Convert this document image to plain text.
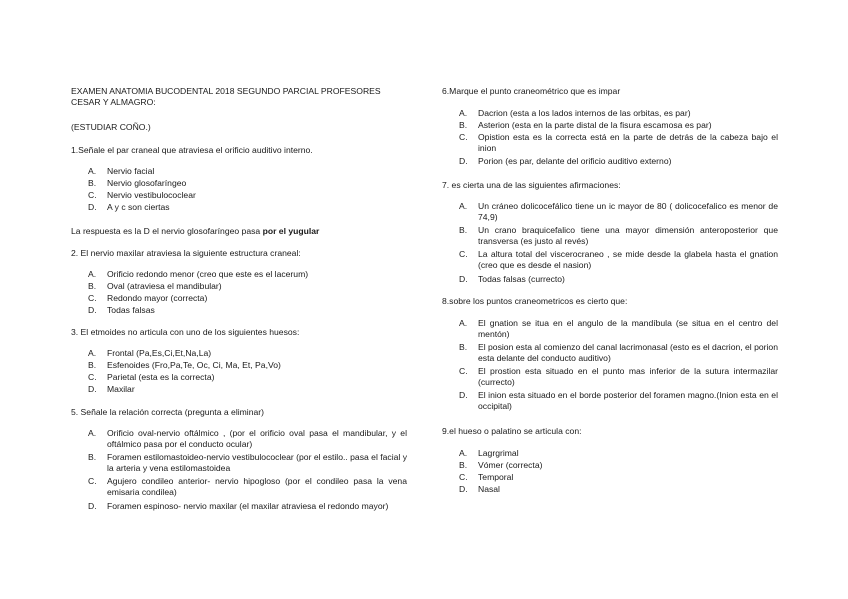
EXAMEN ANATOMIA BUCODENTAL 2018 SEGUNDO PARCIAL PROFESORES CESAR Y ALMAGRO:

(ESTUDIAR COÑO.)

1.Señale el par craneal que atraviesa el orificio auditivo interno.

A.	Nervio facial
B.	Nervio glosofaríngeo
C.	Nervio vestibulococlear
D.	A y c son ciertas

La respuesta es la D el nervio glosofaríngeo pasa por el yugular

2. El nervio maxilar atraviesa la siguiente estructura craneal:

A.	Orificio redondo menor (creo que este es el lacerum)
B.	Oval (atraviesa el mandibular)
C.	Redondo mayor (correcta)
D.	Todas falsas

3. El etmoides no articula con uno de los siguientes huesos:

A.	Frontal (Pa,Es,Ci,Et,Na,La)
B.	Esfenoides (Fro,Pa,Te, Oc, Ci, Ma, Et, Pa,Vo)
C.	Parietal (esta es la correcta)
D.	Maxilar

5. Señale la relación correcta (pregunta a eliminar)

A.	Orificio oval-nervio oftálmico , (por el orificio oval pasa el mandibular, y el oftálmico pasa por el conducto ocular)
B.	Foramen estilomastoideo-nervio vestibulococlear (por el estilo.. pasa el facial y la arteria y vena estilomastoidea
C.	Agujero condileo anterior- nervio hipogloso (por el condileo pasa la vena emisaria condilea)
D.	Foramen espinoso- nervio maxilar (el maxilar atraviesa el redondo mayor)

6.Marque el punto craneométrico que es impar

A.	Dacrion (esta a los lados internos de las orbitas, es par)
B.	Asterion (esta en la parte distal de la fisura escamosa es par)
C.	Opistion esta es la correcta está en la parte de detrás de la cabeza bajo el inion
D.	Porion (es par, delante del orificio auditivo externo)

7. es cierta una de las siguientes afirmaciones:

A.	Un cráneo dolicocefálico tiene un ic mayor de 80 ( dolicocefalico es menor de 74,9)
B.	Un crano braquicefalico tiene una mayor dimensión anteroposterior que transversa (es justo al revés)
C.	La altura total del viscerocraneo , se mide desde la glabela hasta el gnation (creo que es desde el nasion)
D.	Todas falsas (currecto)

8.sobre los puntos craneometricos es cierto que:

A.	El gnation se itua en el angulo de la mandíbula (se situa en el centro del mentón)
B.	El posion esta al comienzo del canal lacrimonasal (esto es el dacrion, el porion esta delante del conducto auditivo)
C.	El prostion esta situado en el punto mas inferior de la sutura intermazilar (currecto)
D.	El inion esta situado en el borde posterior del foramen magno.(Inion esta en el occipital)

9.el hueso o palatino se articula con:

A.	Lagrgrimal
B.	Vómer (correcta)
C.	Temporal
D.	Nasal
